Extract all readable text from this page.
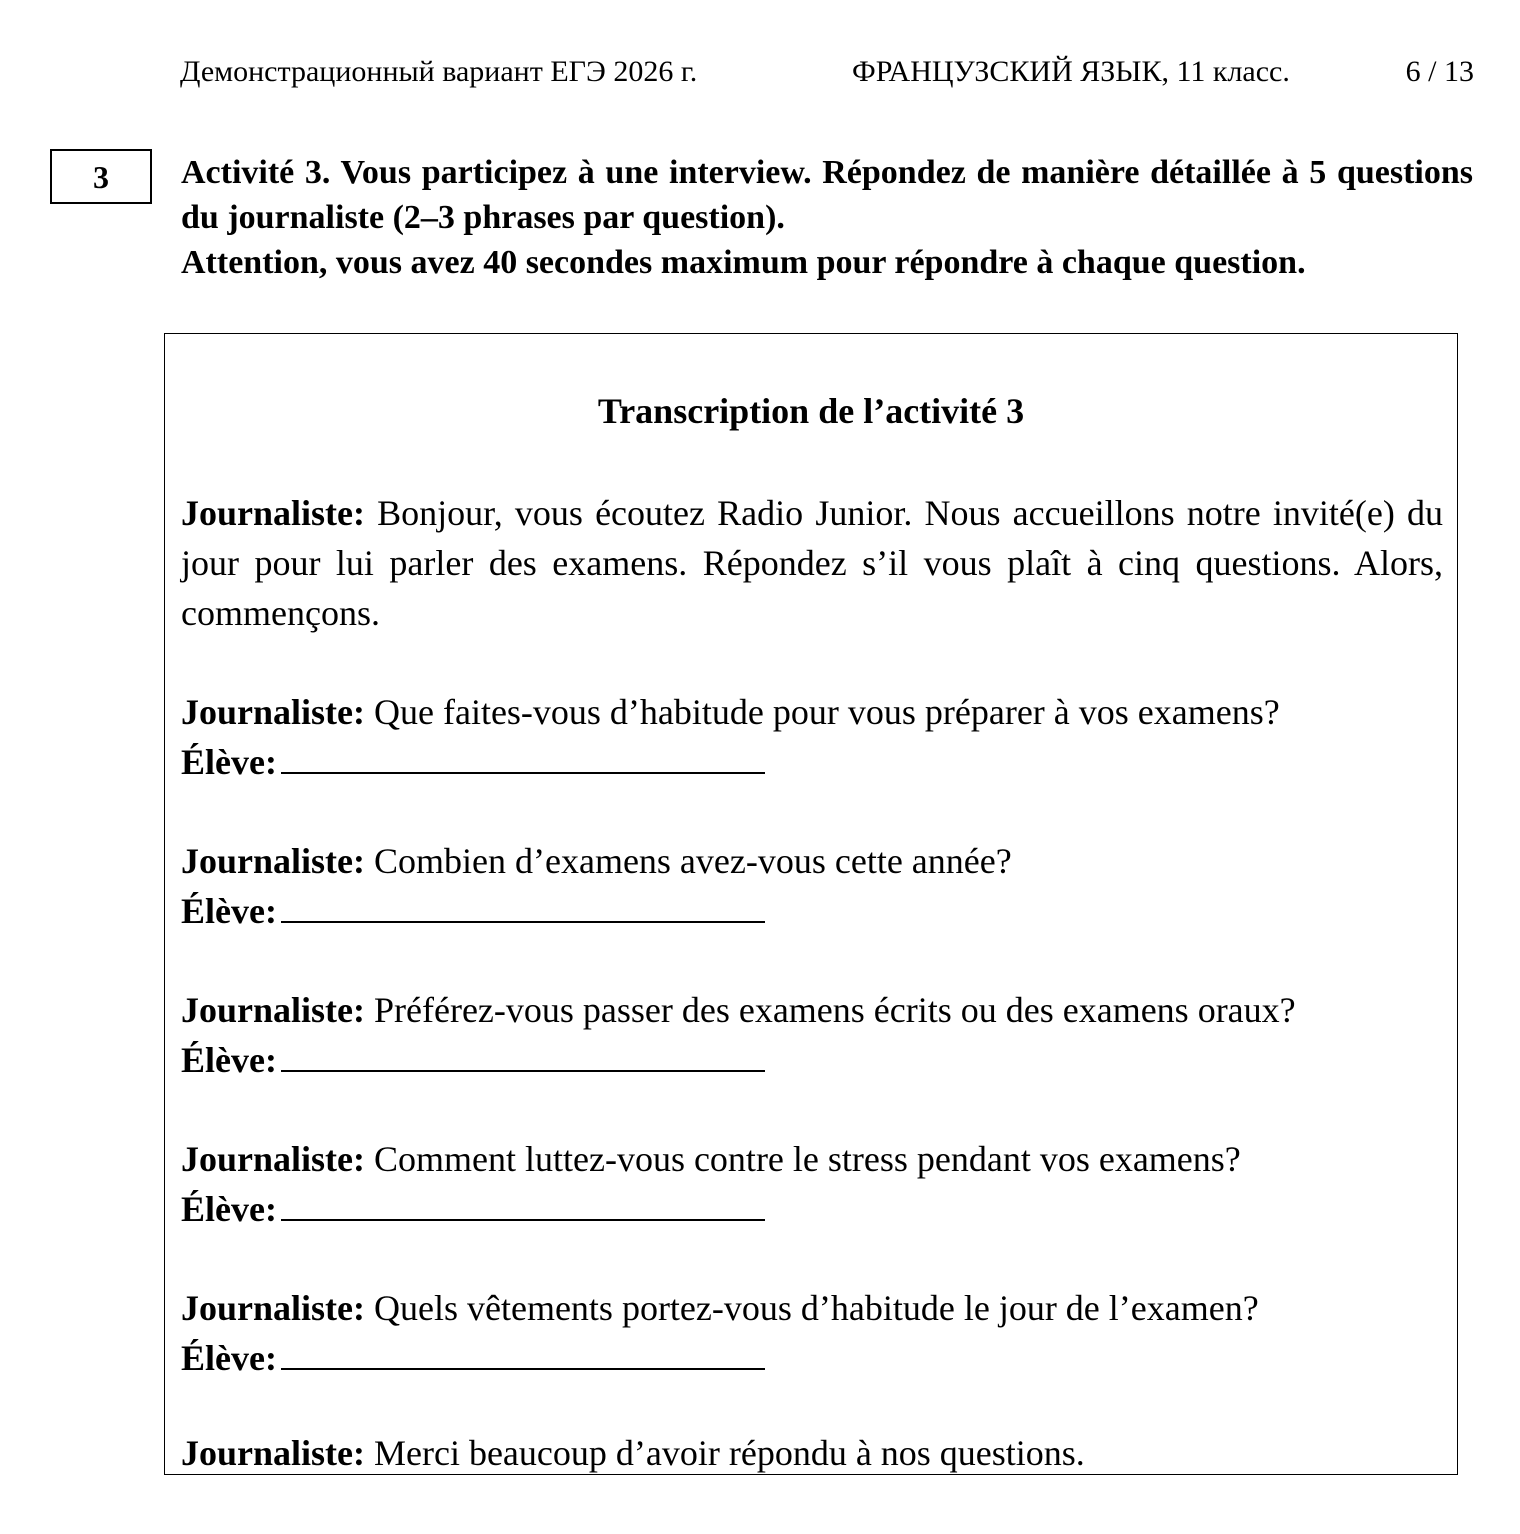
Демонстрационный вариант ЕГЭ 2026 г.	ФРАНЦУЗСКИЙ ЯЗЫК, 11 класс.	6 / 13
3	Activité 3. Vous participez à une interview. Répondez de manière détaillée à 5 questions du journaliste (2–3 phrases par question).

Attention, vous avez 40 secondes maximum pour répondre à chaque question.

Transcription de l’activité 3
Journaliste: Bonjour, vous écoutez Radio Junior. Nous accueillons notre invité(e) du jour pour lui parler des examens. Répondez s’il vous plaît à cinq questions. Alors, commençons.
Journaliste: Que faites-vous d’habitude pour vous préparer à vos examens?
Élève:
Journaliste: Combien d’examens avez-vous cette année?
Élève:
Journaliste: Préférez-vous passer des examens écrits ou des examens oraux?
Élève:
Journaliste: Comment luttez-vous contre le stress pendant vos examens?
Élève:
Journaliste: Quels vêtements portez-vous d’habitude le jour de l’examen?
Élève:
Journaliste: Merci beaucoup d’avoir répondu à nos questions.
